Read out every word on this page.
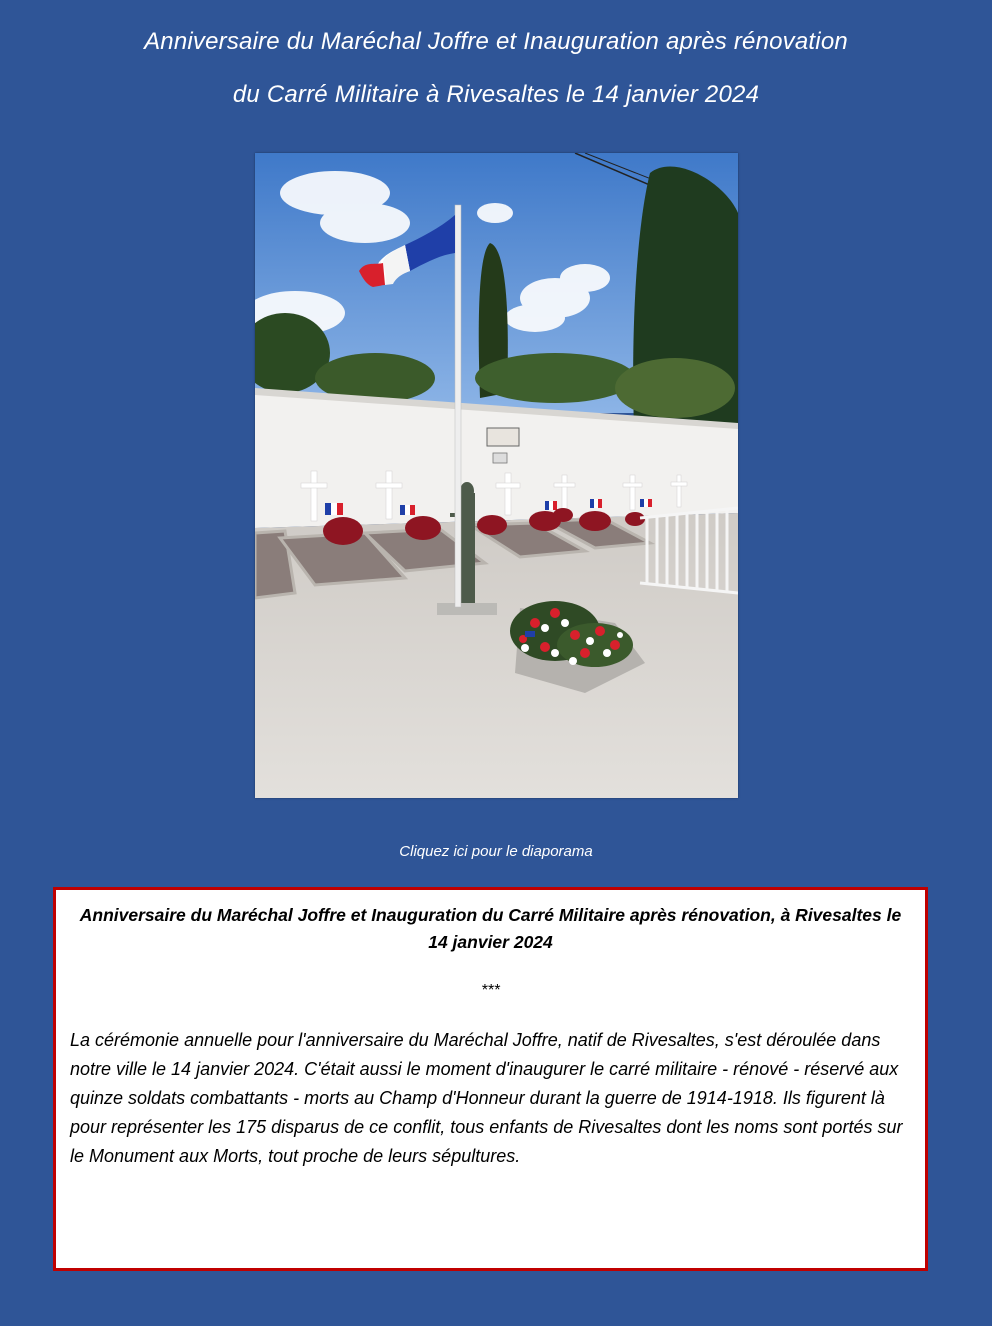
Anniversaire du Maréchal Joffre et Inauguration après rénovation
du Carré Militaire à Rivesaltes le 14 janvier 2024
Cliquez ici pour le diaporama
Anniversaire du Maréchal Joffre et Inauguration du Carré Militaire après rénovation, à Rivesaltes le 14 janvier 2024
***
La cérémonie annuelle pour l'anniversaire du Maréchal Joffre, natif de Rivesaltes, s'est déroulée dans notre ville le 14 janvier 2024. C'était aussi le moment d'inaugurer le carré militaire - rénové - réservé aux quinze soldats combattants - morts au Champ d'Honneur durant la guerre de 1914-1918. Ils figurent là pour représenter les 175 disparus de ce conflit, tous enfants de Rivesaltes dont les noms sont portés sur le Monument aux Morts, tout proche de leurs sépultures.
